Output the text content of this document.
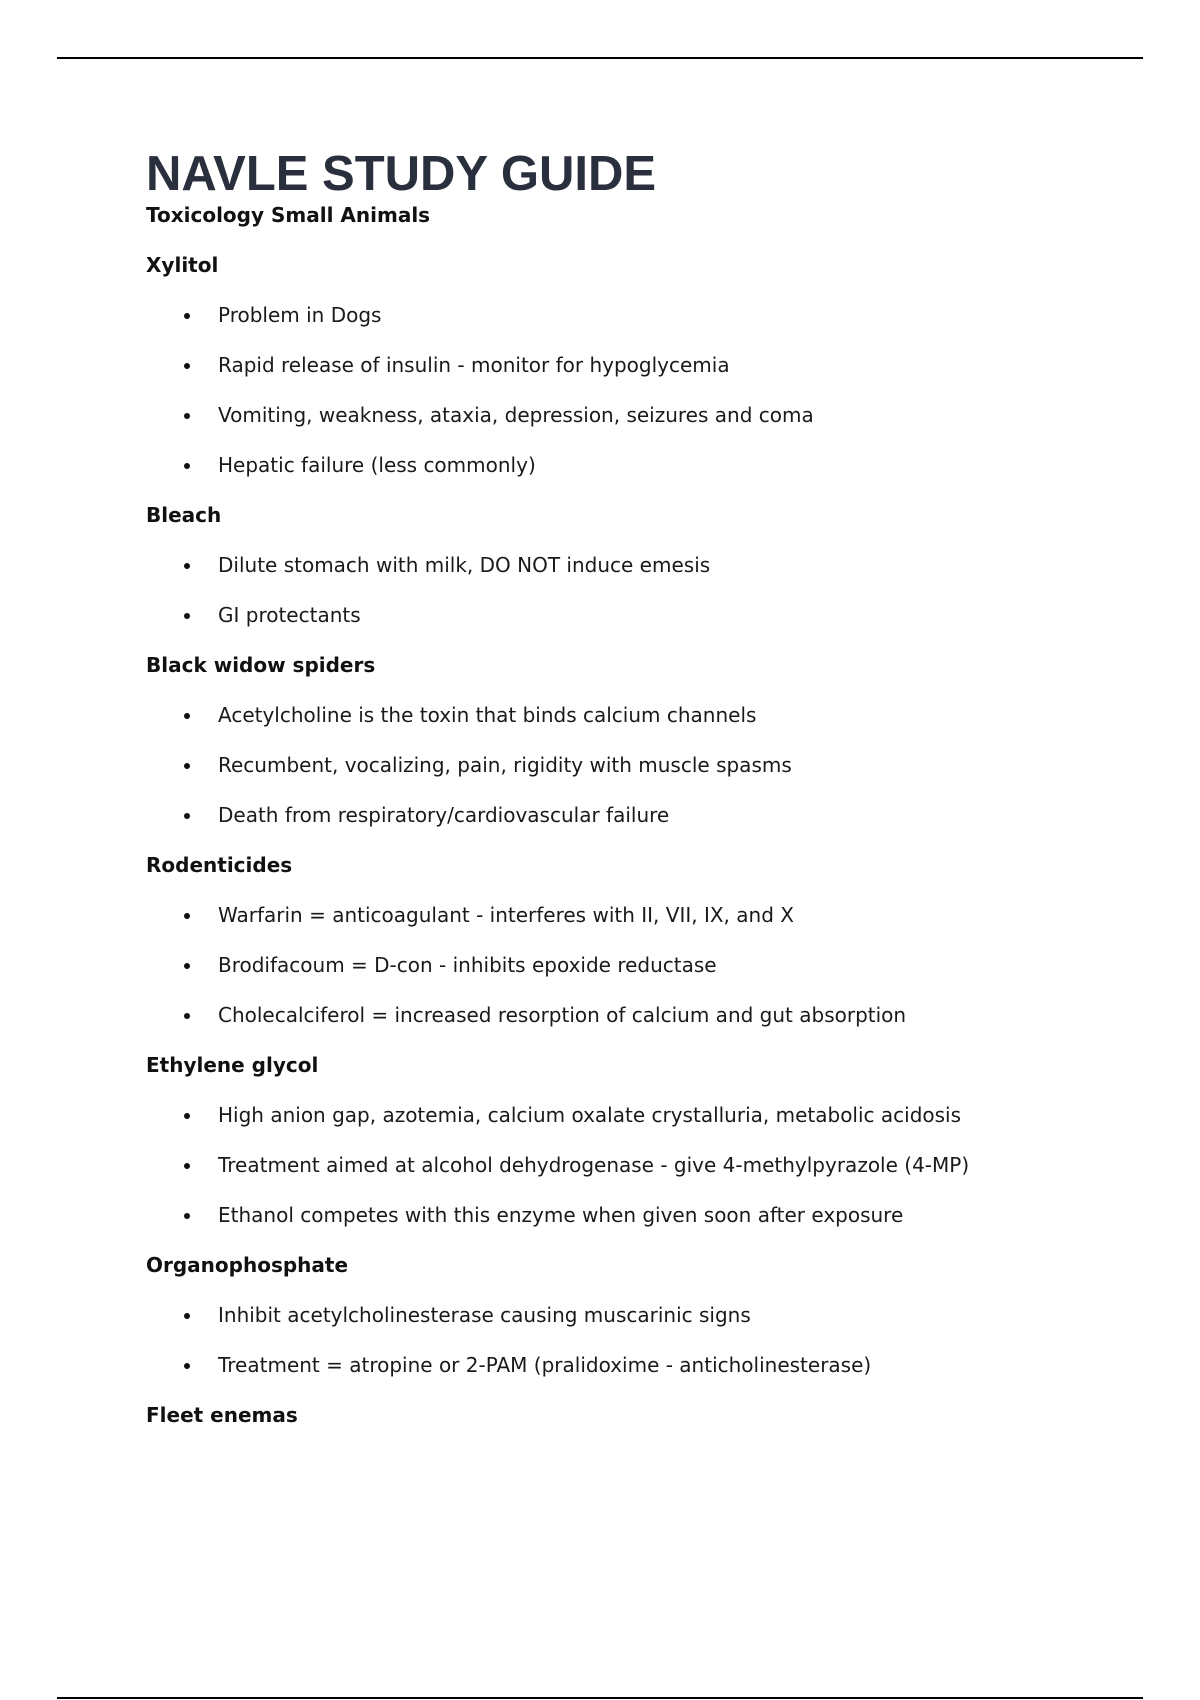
NAVLE STUDY GUIDE

Toxicology Small Animals

Xylitol

Problem in Dogs
Rapid release of insulin - monitor for hypoglycemia
Vomiting, weakness, ataxia, depression, seizures and coma
Hepatic failure (less commonly)

Bleach

Dilute stomach with milk, DO NOT induce emesis
GI protectants

Black widow spiders

Acetylcholine is the toxin that binds calcium channels
Recumbent, vocalizing, pain, rigidity with muscle spasms
Death from respiratory/cardiovascular failure

Rodenticides

Warfarin = anticoagulant - interferes with II, VII, IX, and X
Brodifacoum = D-con - inhibits epoxide reductase
Cholecalciferol = increased resorption of calcium and gut absorption

Ethylene glycol

High anion gap, azotemia, calcium oxalate crystalluria, metabolic acidosis
Treatment aimed at alcohol dehydrogenase - give 4-methylpyrazole (4-MP)
Ethanol competes with this enzyme when given soon after exposure

Organophosphate

Inhibit acetylcholinesterase causing muscarinic signs
Treatment = atropine or 2-PAM (pralidoxime - anticholinesterase)

Fleet enemas
